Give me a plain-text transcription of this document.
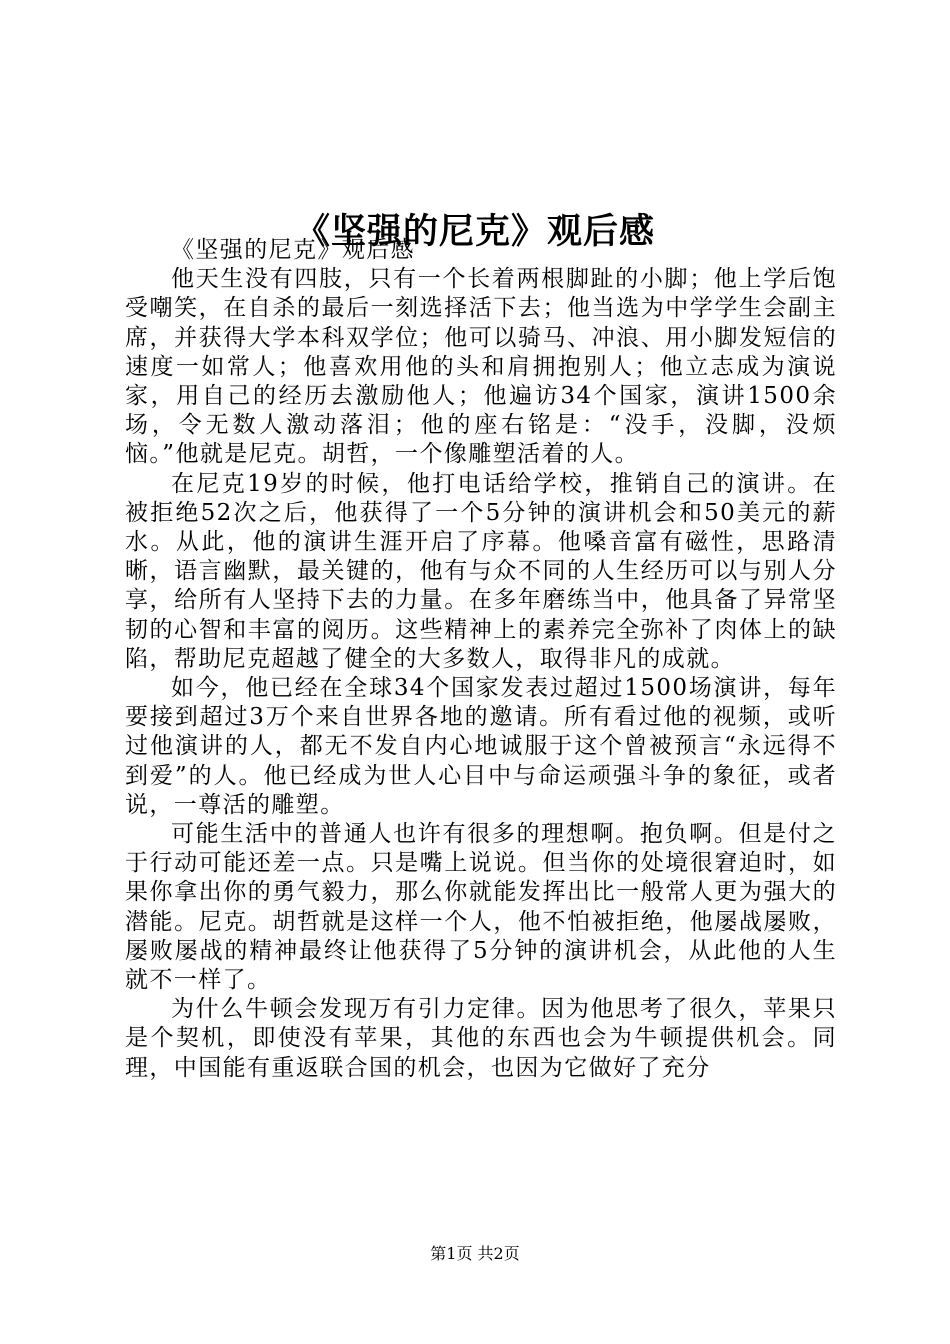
《坚强的尼克》观后感

《坚强的尼克》观后感

他天生没有四肢，只有一个长着两根脚趾的小脚；他上学后饱受嘲笑，在自杀的最后一刻选择活下去；他当选为中学学生会副主席，并获得大学本科双学位；他可以骑马、冲浪、用小脚发短信的速度一如常人；他喜欢用他的头和肩拥抱别人；他立志成为演说家，用自己的经历去激励他人；他遍访34个国家，演讲1500余场，令无数人激动落泪；他的座右铭是：“没手，没脚，没烦恼。”他就是尼克。胡哲，一个像雕塑活着的人。

在尼克19岁的时候，他打电话给学校，推销自己的演讲。在被拒绝52次之后，他获得了一个5分钟的演讲机会和50美元的薪水。从此，他的演讲生涯开启了序幕。他嗓音富有磁性，思路清晰，语言幽默，最关键的，他有与众不同的人生经历可以与别人分享，给所有人坚持下去的力量。在多年磨练当中，他具备了异常坚韧的心智和丰富的阅历。这些精神上的素养完全弥补了肉体上的缺陷，帮助尼克超越了健全的大多数人，取得非凡的成就。

如今，他已经在全球34个国家发表过超过1500场演讲，每年要接到超过3万个来自世界各地的邀请。所有看过他的视频，或听过他演讲的人，都无不发自内心地诚服于这个曾被预言“永远得不到爱”的人。他已经成为世人心目中与命运顽强斗争的象征，或者说，一尊活的雕塑。

可能生活中的普通人也许有很多的理想啊。抱负啊。但是付之于行动可能还差一点。只是嘴上说说。但当你的处境很窘迫时，如果你拿出你的勇气毅力，那么你就能发挥出比一般常人更为强大的潜能。尼克。胡哲就是这样一个人，他不怕被拒绝，他屡战屡败，屡败屡战的精神最终让他获得了5分钟的演讲机会，从此他的人生就不一样了。

为什么牛顿会发现万有引力定律。因为他思考了很久，苹果只是个契机，即使没有苹果，其他的东西也会为牛顿提供机会。同理，中国能有重返联合国的机会，也因为它做好了充分

第1页 共2页
